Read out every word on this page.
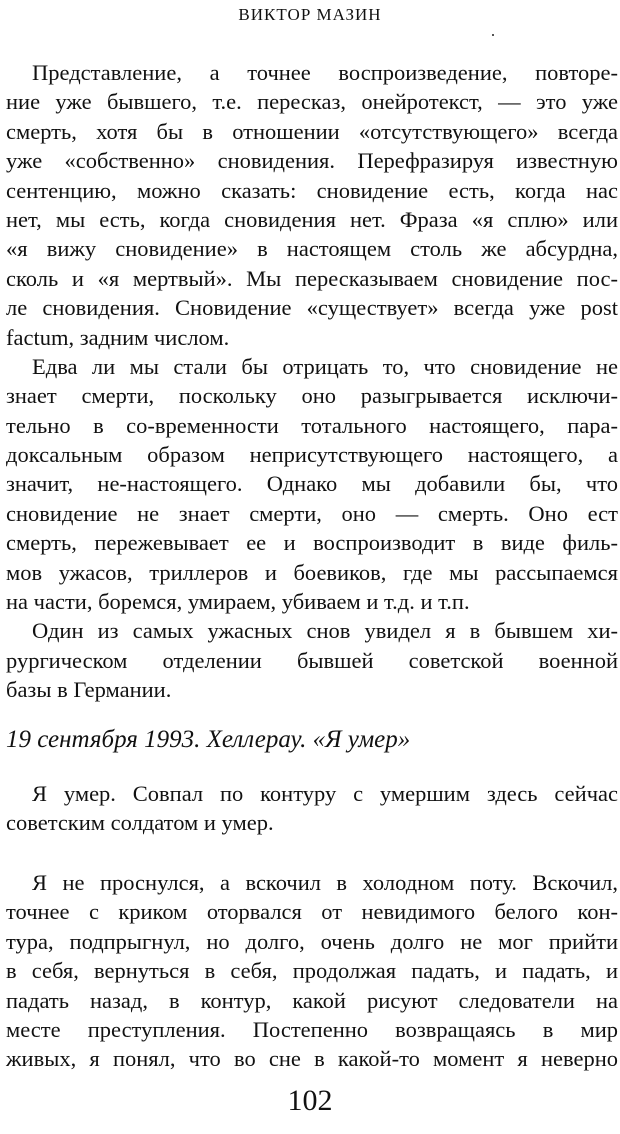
ВИКТОР МАЗИН
Представление, а точнее воспроизведение, повторе-
ние уже бывшего, т.е. пересказ, онейротекст, — это уже
смерть, хотя бы в отношении «отсутствующего» всегда
уже «собственно» сновидения. Перефразируя известную
сентенцию, можно сказать: сновидение есть, когда нас
нет, мы есть, когда сновидения нет. Фраза «я сплю» или
«я вижу сновидение» в настоящем столь же абсурдна,
сколь и «я мертвый». Мы пересказываем сновидение пос-
ле сновидения. Сновидение «существует» всегда уже post
factum, задним числом.
Едва ли мы стали бы отрицать то, что сновидение не
знает смерти, поскольку оно разыгрывается исключи-
тельно в со-временности тотального настоящего, пара-
доксальным образом неприсутствующего настоящего, а
значит, не-настоящего. Однако мы добавили бы, что
сновидение не знает смерти, оно — смерть. Оно ест
смерть, пережевывает ее и воспроизводит в виде филь-
мов ужасов, триллеров и боевиков, где мы рассыпаемся
на части, боремся, умираем, убиваем и т.д. и т.п.
Один из самых ужасных снов увидел я в бывшем хи-
рургическом отделении бывшей советской военной
базы в Германии.
19 сентября 1993. Хеллерау. «Я умер»
Я умер. Совпал по контуру с умершим здесь сейчас
советским солдатом и умер.
Я не проснулся, а вскочил в холодном поту. Вскочил,
точнее с криком оторвался от невидимого белого кон-
тура, подпрыгнул, но долго, очень долго не мог прийти
в себя, вернуться в себя, продолжая падать, и падать, и
падать назад, в контур, какой рисуют следователи на
месте преступления. Постепенно возвращаясь в мир
живых, я понял, что во сне в какой-то момент я неверно
102
